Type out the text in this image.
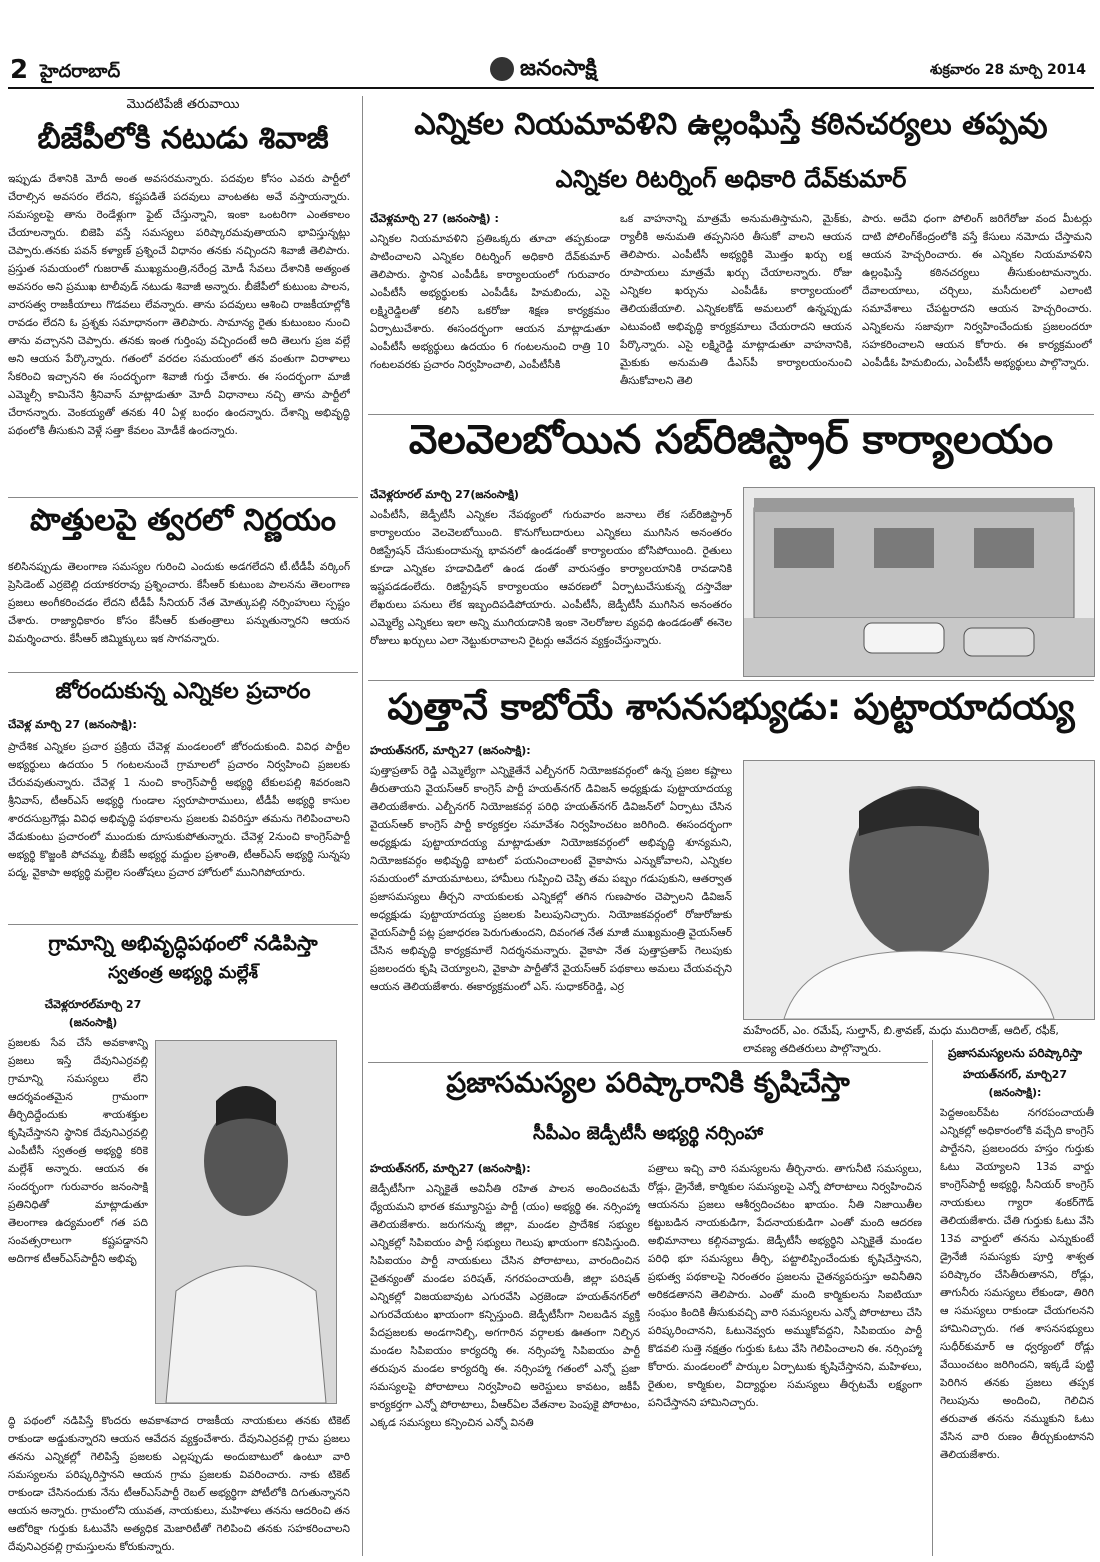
2 హైదరాబాద్	జనంసాక్షి	శుక్రవారం 28 మార్చి 2014
మొదటిపేజీ తరువాయి
బీజేపీలోకి నటుడు శివాజీ
ఇప్పుడు దేశానికి మోదీ అంత అవసరమన్నారు. పదవుల కోసం ఎవరు పార్టీలో చేరాల్సిన అవసరం లేదని, కష్టపడితే పదవులు వాంటతట అవే వస్తాయన్నారు. సమస్యలపై తాను రెండేళ్లుగా ఫైట్ చేస్తున్నాని, ఇంకా ఒంటరిగా ఎంతకాలం చేయాలన్నారు. బిజెపి వస్తే సమస్యలు పరిష్కారమవుతాయని భావిస్తున్నట్లు చెప్పారు.తనకు పవన్ కళ్యాణ్ ప్రశ్నించే విధానం తనకు నచ్చిందని శివాజీ తెలిపారు. ప్రస్తుత సమయంలో గుజరాత్ ముఖ్యమంత్రి,నరేంద్ర మోడీ సేవలు దేశానికి అత్యంత అవసరం అని ప్రముఖ టాలీవుడ్ నటుడు శివాజీ అన్నారు. బీజేపీలో కుటుంబ పాలన, వారసత్వ రాజకీయాలు గొడవలు లేవన్నారు. తాను పదవులు ఆశించి రాజకీయాల్లోకి రావడం లేదని ఓ ప్రశ్నకు సమాధానంగా తెలిపారు. సామాన్య రైతు కుటుంబం నుంచి తాను వచ్చానని చెప్పారు. తనకు ఇంత గుర్తింపు వచ్చిందంటే అది తెలుగు ప్రజ వల్లే అని ఆయన పేర్కొన్నారు. గతంలో వరదల సమయంలో తన వంతుగా విరాళాలు సేకరించి ఇచ్చానని ఈ సందర్భంగా శివాజీ గుర్తు చేశారు. ఈ సందర్భంగా మాజీ ఎమ్మెల్సీ కామినేని శ్రీనివాస్ మాట్లాడుతూ మోదీ విధానాలు నచ్చి తాను పార్టీలో చేరానన్నారు. వెంకయ్యతో తనకు 40 ఏళ్ల బంధం ఉందన్నారు. దేశాన్ని అభివృద్ధి పథంలోకి తీసుకుని వెళ్లే సత్తా కేవలం మోడీకే ఉందన్నారు.
పొత్తులపై త్వరలో నిర్ణయం
కలిసినప్పుడు తెలంగాణ సమస్యల గురించి ఎందుకు అడగలేదని టీ.టీడీపీ వర్కింగ్ ప్రెసిడెంట్ ఎర్రబెల్లి దయాకరరావు ప్రశ్నించారు. కేసీఆర్ కుటుంబ పాలనను తెలంగాణ ప్రజలు అంగీకరించడం లేదని టీడీపీ సీనియర్ నేత మోత్కుపల్లి నర్సింహులు స్పష్టం చేశారు. రాజ్యాధికారం కోసం కేసీఆర్ కుతంత్రాలు పన్నుతున్నారని ఆయన విమర్శించారు. కేసీఆర్ జిమ్మిక్కులు ఇక సాగవన్నారు.
జోరందుకున్న ఎన్నికల ప్రచారం
చేవెళ్ల మార్చి 27 (జనంసాక్షి):
ప్రాదేశిక ఎన్నికల ప్రచార ప్రక్రియ చేవెళ్ల మండలంలో జోరందుకుంది. వివిధ పార్టీల అభ్యర్థులు ఉదయం 5 గంటలనుంచే గ్రామాలలో ప్రచారం నిర్వహించి ప్రజలకు చేరువవుతున్నారు. చేవెళ్ల 1 నుంచి కాంగ్రెస్‌పార్టీ అభ్యర్థి టేకులపల్లి శివరంజని శ్రీనివాస్, టీఆర్ఎస్ అభ్యర్థి గుండాల స్వరూపారాములు, టీడీపీ అభ్యర్థి కాసుల శారదసుబ్రగౌడ్లు వివిధ అభివృద్ధి పథకాలను ప్రజలకు వివరిస్తూ తమను గెలిపించాలని వేడుకుంటు ప్రచారంలో ముందుకు దూసుకుపోతున్నారు. చేవెళ్ల 2నుంచి కాంగ్రెస్‌పార్టీ అభ్యర్థి కొజ్జంకి పోచమ్మ, బీజేపీ అభ్యర్థ మద్దుల ప్రశాంతి, టీఆర్ఎస్ అభ్యర్థి సున్నపు పద్మ, వైకాపా అభ్యర్థి మల్లెల సంతోషలు ప్రచార హోరులో మునిగిపోయారు.
గ్రామాన్ని అభివృద్ధిపథంలో నడిపిస్తా
స్వతంత్ర అభ్యర్థి మల్లేశ్
చేవెళ్లరూరల్‌మార్చి 27 (జనంసాక్షి)
ప్రజలకు సేవ చేసే అవకాశాన్ని ప్రజలు ఇస్తే దేవునిఎర్రవల్లి గ్రామాన్ని సమస్యలు లేని ఆదర్శవంతమైన గ్రామంగా తీర్చిదిద్దేందుకు శాయశక్తుల కృషిచేస్తానని స్థానిక దేవునిఎర్రవల్లి ఎంపీటీసీ స్వతంత్ర అభ్యర్థి కరికె మల్లేశ్ అన్నారు. ఆయన ఈ సందర్భంగా గురువారం జనంసాక్షి ప్రతినిధితో మాట్లాడుతూ తెలంగాణ ఉద్యమంలో గత పది సంవత్సరాలుగా కష్టపడ్డానని అదిగాక టీఆర్ఎస్‌పార్టీని అభివృ
ద్ధి పథంలో నడిపిస్తే కొందరు అవకాశవాద రాజకీయ నాయకులు తనకు టికెట్ రాకుండా అడ్డుకున్నారని ఆయన ఆవేదన వ్యక్తంచేశారు. దేవునిఎర్రవల్లి గ్రామ ప్రజలు తనను ఎన్నికల్లో గెలిపిస్తే ప్రజలకు ఎల్లప్పుడు అందుబాటులో ఉంటూ వారి సమస్యలను పరిష్కరిస్తానని ఆయన గ్రామ ప్రజలకు వివరించారు. నాకు టికెట్ రాకుండా చేసినందుకు నేను టీఆర్ఎస్‌పార్టీ రెబల్ అభ్యర్థిగా పోటీలోకి దిగుతున్నానని ఆయన అన్నారు. గ్రామంలోని యువత, నాయకులు, మహిళలు తనను ఆదరించి తన ఆటోరిక్షా గుర్తుకు ఓటువేసి అత్యధిక మెజారిటీతో గెలిపించి తనకు సహకరించాలని దేవునిఎర్రవల్లి గ్రామస్తులను కోరుకున్నారు.
ఎన్నికల నియమావళిని ఉల్లంఘిస్తే కఠినచర్యలు తప్పవు
ఎన్నికల రిటర్నింగ్ అధికారి దేవ్‌కుమార్
చేవెళ్లమార్చి 27 (జనంసాక్షి) :
ఎన్నికల నియమావళిని ప్రతిఒక్కరు తూచా తప్పకుండా పాటించాలని ఎన్నికల రిటర్నింగ్ అధికారి దేవ్‌కుమార్ తెలిపారు. స్థానిక ఎంపీడీఓ కార్యాలయంలో గురువారం ఎంపీటీసీ అభ్యర్థులకు ఎంపీడీఓ హిమబిందు, ఎసై లక్ష్మిరెడ్డిలతో కలిసి ఒకరోజు శిక్షణ కార్యక్రమం ఏర్పాటుచేశారు. ఈసందర్భంగా ఆయన మాట్లాడుతూ ఎంపీటీసీ అభ్యర్థులు ఉదయం 6 గంటలనుంచి రాత్రి 10 గంటలవరకు ప్రచారం నిర్వహించాలి, ఎంపీటీసీకి
ఒక వాహనాన్ని మాత్రమే అనుమతిస్తామని, మైక్‌కు, ర్యాలీకి అనుమతి తప్పనిసరి తీసుకో వాలని ఆయన తెలిపారు. ఎంపీటీసీ అభ్యర్థికి మొత్తం ఖర్చు లక్ష రూపాయలు మాత్రమే ఖర్చు చేయాలన్నారు. రోజు ఎన్నికల ఖర్చును ఎంపీడీఓ కార్యాలయంలో తెలియజేయాలి. ఎన్నికలకోడ్ అమలులో ఉన్నప్పుడు ఎటువంటి అభివృద్ధి కార్యక్రమాలు చేయరాదని ఆయన పేర్కొన్నారు. ఎసై లక్ష్మిరెడ్డి మాట్లాడుతూ వాహనానికి, మైకుకు అనుమతి డీఎస్‌పీ కార్యాలయంనుంచి తీసుకోవాలని తెలి
పారు. అదేవి ధంగా పోలింగ్ జరిగేరోజు వంద మీటర్లు దాటి పోలింగ్‌కేంద్రంలోకి వస్తే కేసులు నమోదు చేస్తామని ఆయన హెచ్చరించారు. ఈ ఎన్నికల నియమావళిని ఉల్లంఘిస్తే కఠినచర్యలు తీసుకుంటామన్నారు. దేవాలయాలు, చర్చిలు, మసీదులలో ఎలాంటి సమావేశాలు చేపట్టరాదని ఆయన హెచ్చరించారు. ఎన్నికలను సజావుగా నిర్వహించేందుకు ప్రజలందరూ సహకరించాలని ఆయన కోరారు. ఈ కార్యక్రమంలో ఎంపీడీఓ హిమబిందు, ఎంపీటీసీ అభ్యర్థులు పాల్గొన్నారు.
వెలవెలబోయిన సబ్‌రిజిస్ట్రార్ కార్యాలయం
చేవెళ్లరూరల్ మార్చి 27(జనంసాక్షి)
ఎంపీటీసీ, జెడ్పీటీసీ ఎన్నికల నేపథ్యంలో గురువారం జనాలు లేక సబ్‌రిజిస్ట్రార్ కార్యాలయం వెలవెలబోయింది. కొనుగోలుదారులు ఎన్నికలు ముగిసిన అనంతరం రిజిస్ట్రేషన్ చేసుకుందామన్న భావనలో ఉండడంతో కార్యాలయం బోసిపోయింది. రైతులు కూడా ఎన్నికల హడావిడిలో ఉండ డంతో వారుసత్తం కార్యాలయానికి రావడానికి ఇష్టపడడంలేదు. రిజిస్ట్రేషన్ కార్యాలయం ఆవరణలో ఏర్పాటుచేసుకున్న దస్తావేజు లేఖరులు పనులు లేక ఇబ్బందిపడిపోయారు. ఎంపీటీసీ, జెడ్పీటీసీ ముగిసిన అనంతరం ఎమ్మెల్యే ఎన్నికలు ఇలా అన్ని ముగియడానికి ఇంకా నెలరోజుల వ్యవధి ఉండడంతో ఈనెల రోజులు ఖర్చులు ఎలా నెట్టుకురావాలని రైటర్లు ఆవేదన వ్యక్తంచేస్తున్నారు.
పుత్తానే కాబోయే శాసనసభ్యుడు: పుట్టాయాదయ్య
హయత్‌నగర్, మార్చి27 (జనంసాక్షి):
పుత్తాప్రతాప్ రెడ్డి ఎమ్మెల్యేగా ఎన్నికైతేనే ఎల్బీనగర్ నియోజకవర్గంలో ఉన్న ప్రజల కష్టాలు తీరుతాయని వైయస్ఆర్ కాంగ్రెస్ పార్టీ హయత్‌నగర్ డివిజన్ అధ్యక్షుడు పుట్టాయాదయ్య తెలియజేశారు. ఎల్బీనగర్ నియోజకవర్గ పరిధి హయత్‌నగర్ డివిజన్‌లో ఏర్పాటు చేసిన వైయస్ఆర్ కాంగ్రెస్ పార్టీ కార్యకర్తల సమావేశం నిర్వహించటం జరిగింది. ఈసందర్భంగా అధ్యక్షుడు పుట్టాయాదయ్య మాట్లాడుతూ నియోజకవర్గంలో అభివృద్ధి శూన్యమని, నియోజకవర్గం అభివృద్ధి బాటలో పయనించాలంటే వైకాపాను ఎన్నుకోవాలని, ఎన్నికల సమయంలో మాయమాటలు, హామీలు గుప్పించి చెప్పి తమ పబ్బం గడుపుకుని, ఆతర్వాత ప్రజాసమస్యలు తీర్చని నాయకులకు ఎన్నికల్లో తగిన గుణపాఠం చెప్పాలని డివిజన్ అధ్యక్షుడు పుట్టాయాదయ్య ప్రజలకు పిలుపునిచ్చారు. నియోజకవర్గంలో రోజురోజుకు వైయస్‌పార్టీ పట్ల ప్రజాధరణ పెరుగుతుందని, దివంగత నేత మాజీ ముఖ్యమంత్రి వైయస్ఆర్ చేసిన అభివృద్ధి కార్యక్రమాలే నిదర్శనమన్నారు. వైకాపా నేత పుత్తాప్రతాప్ గెలుపుకు ప్రజలందరు కృషి చెయ్యాలని, వైకాపా పార్టీతోనే వైయస్ఆర్ పథకాలు అమలు చేయవచ్చని ఆయన తెలియజేశారు. ఈకార్యక్రమంలో ఎస్. సుధాకర్‌రెడ్డి, ఎర్ర
మహేందర్, ఎం. రమేష్, సుల్తాన్, బి.శ్రావణ్, మధు ముదిరాజ్, ఆదిల్, రఫీక్, లావణ్య తదితరులు పాల్గొన్నారు.
ప్రజాసమస్యల పరిష్కారానికి కృషిచేస్తా
సీపీఎం జెడ్పీటీసీ అభ్యర్థి నర్సింహా
హయత్‌నగర్, మార్చి27 (జనంసాక్షి):
జెడ్పీటీసీగా ఎన్నికైతే అవినీతి రహిత పాలన అందించటమే ధ్యేయమని భారత కమ్యూనిస్టు పార్టీ (యం) అభ్యర్థి ఈ. నర్సింహ్మా తెలియజేశారు. జరుగనున్న జిల్లా, మండల ప్రాదేశిక సభ్యుల ఎన్నికల్లో సిపిఐయం పార్టీ సభ్యులు గెలుపు ఖాయంగా కనిపిస్తుంది. సిపిఐయం పార్టీ నాయకులు చేసిన పోరాటాలు, వారందించిన చైతన్యంతో మండల పరిషత్, నగరపంచాయతీ, జిల్లా పరిషత్ ఎన్నికల్లో విజయబావుట ఎగురవేసి ఎర్రజెండా హయత్‌నగర్‌లో ఎగురవేయటం ఖాయంగా కన్పిస్తుంది. జెడ్పీటీసీగా నిలబడిన వ్యక్తి పేదప్రజలకు అండగానిల్చి, అగగారిన వర్గాలకు ఊతంగా నిల్చిన మండల సిపిఐయం కార్యదర్శి ఈ. నర్సింహ్మా సిపిఐయం పార్టీ తరుపున మండల కార్యదర్శి ఈ. నర్సింహ్మా గతంలో ఎన్నో ప్రజా సమస్యలపై పోరాటాలు నిర్వహించి అరెస్టులు కావటం, జకీపీ కార్యకర్తగా ఎన్నో పోరాటాలు, వీఆర్ఏల వేతనాల పెంపుకై పోరాటం, ఎక్కడ సమస్యలు కన్పించిన ఎన్నో వినతి
పత్రాలు ఇచ్చి వారి సమస్యలను తీర్చినారు. తాగునీటి సమస్యలు, రోడ్లు, డ్రైనేజీ, కార్మికుల సమస్యలపై ఎన్నో పోరాటాలు నిర్వహించిన ఆయనను ప్రజలు ఆశీర్వదించటం ఖాయం. నీతి నిజాయితీల కట్టుబడిన నాయకుడిగా, పేదనాయకుడిగా ఎంతో మంది ఆదరణ అభిమానాలు కల్గినవ్యాడు. జెడ్పీటీసీ అభ్యర్థిని ఎన్నికైతే మండల పరిధి భూ సమస్యలు తీర్చి, పట్టాలిప్పించేందుకు కృషిచేస్తానని, ప్రభుత్వ పథకాలపై నిరంతరం ప్రజలను చైతన్యపరుస్తూ అవినీతిని అరికడతానని తెలిపారు. ఎంతో మంది కార్మికులను సిఐటియూ సంఘం కిందికి తీసుకువచ్చి వారి సమస్యలను ఎన్నో పోరాటాలు చేసి పరిష్కరించానని, ఓటునెవ్వరు అమ్ముకోవద్దని, సిపిఐయం పార్టీ కొడవలి సుత్తె నక్షత్రం గుర్తుకు ఓటు వేసి గెలిపించాలని ఈ. నర్సింహ్మా కోరారు. మండలంలో పార్కుల ఏర్పాటుకు కృషిచేస్తానని, మహిళలు, రైతుల, కార్మికుల, విద్యార్థుల సమస్యలు తీర్చటమే లక్ష్యంగా పనిచేస్తానని హామినిచ్చారు.
ప్రజాసమస్యలను పరిష్కారిస్తా
హయత్‌నగర్, మార్చి27 (జనంసాక్షి):
పెద్దఅంబర్‌పేట నగరపంచాయతీ ఎన్నికల్లో అధికారంలోకి వచ్చేది కాంగ్రెస్ పార్టేనని, ప్రజలందరు హస్తం గుర్తుకు ఓటు వెయ్యాలని 13వ వార్డు కాంగ్రెస్‌పార్టీ అభ్యర్థి, సీనియర్ కాంగ్రెస్ నాయకులు గ్యారా శంకర్‌గౌడ్ తెలియజేశారు. చేతి గుర్తుకు ఓటు వేసి 13వ వార్డులో తనను ఎన్నుకుంటే డ్రైనేజీ సమస్యకు పూర్తి శాశ్వత పరిష్కారం చేసితీరుతానని, రోడ్లు, తాగునీరు సమస్యలు లేకుండా, తిరిగి ఆ సమస్యలు రాకుండా చేయగలనని హామినిచ్చారు. గత శాసనసభ్యులు సుధీర్‌కుమార్ ఆ ధ్వర్యంలో రోడ్లు వేయించటం జరిగిందని, ఇక్కడే పుట్టి పెరిగిన తనకు ప్రజలు తప్పక గెలుపును అందించి, గెలిచిన తరువాత తనను నమ్ముకుని ఓటు వేసిన వారి రుణం తీర్చుకుంటానని తెలియజేశారు.
